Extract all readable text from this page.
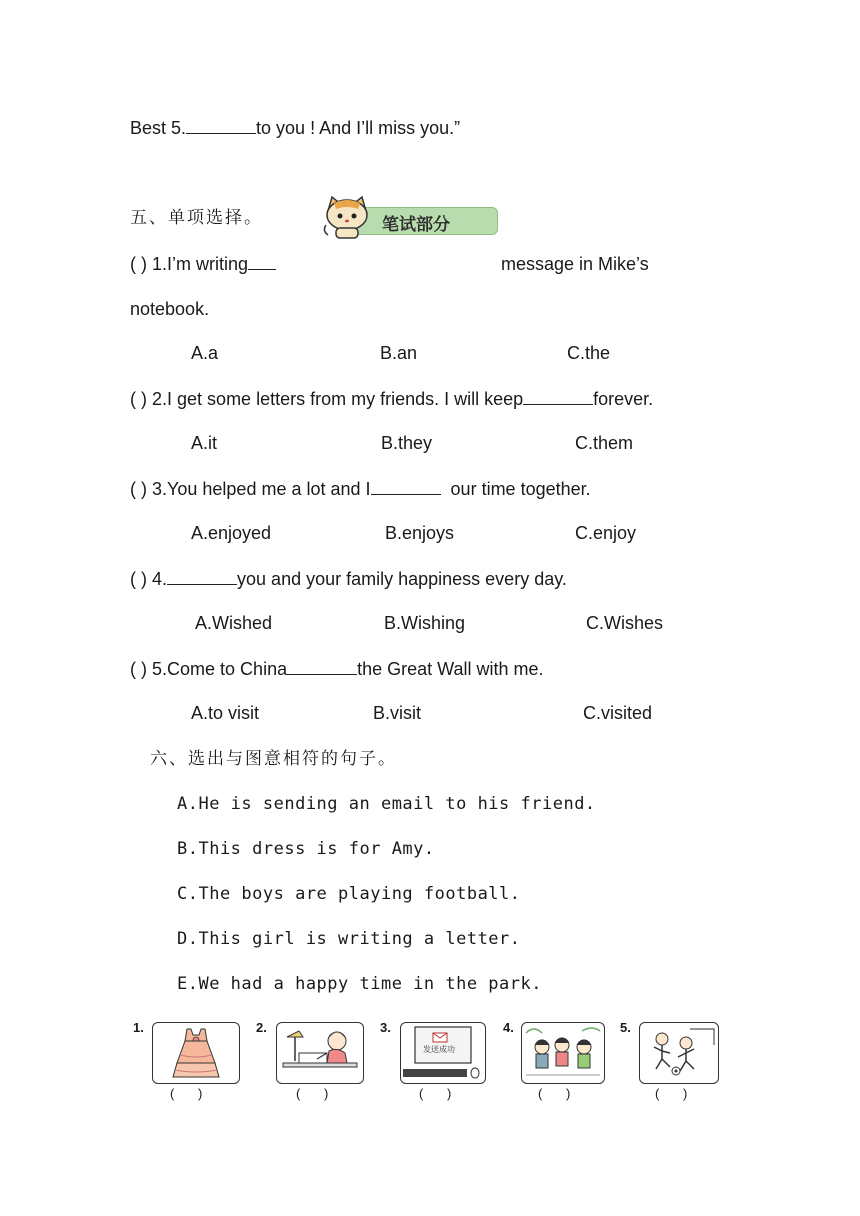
Best 5.	to you ! And I’ll miss you.”
五、单项选择。	笔试部分
( ) 1.I’m writing	message in Mike’s
notebook.
A.a	B.an	C.the
( ) 2.I get some letters from my friends. I will keep	forever.
A.it	B.they	C.them
( ) 3.You helped me a lot and I	our time together.
A.enjoyed	B.enjoys	C.enjoy
( ) 4.	you and your family happiness every day.
A.Wished	B.Wishing	C.Wishes
( ) 5.Come to China	the Great Wall with me.
A.to visit	B.visit	C.visited
六、选出与图意相符的句子。
A.He is sending an email to his friend.
B.This dress is for Amy.
C.The boys are playing football.
D.This girl is writing a letter.
E.We had a happy time in the park.
1.
( )
2.
( )
3.
发送成功
( )
4.
( )
5.
( )
